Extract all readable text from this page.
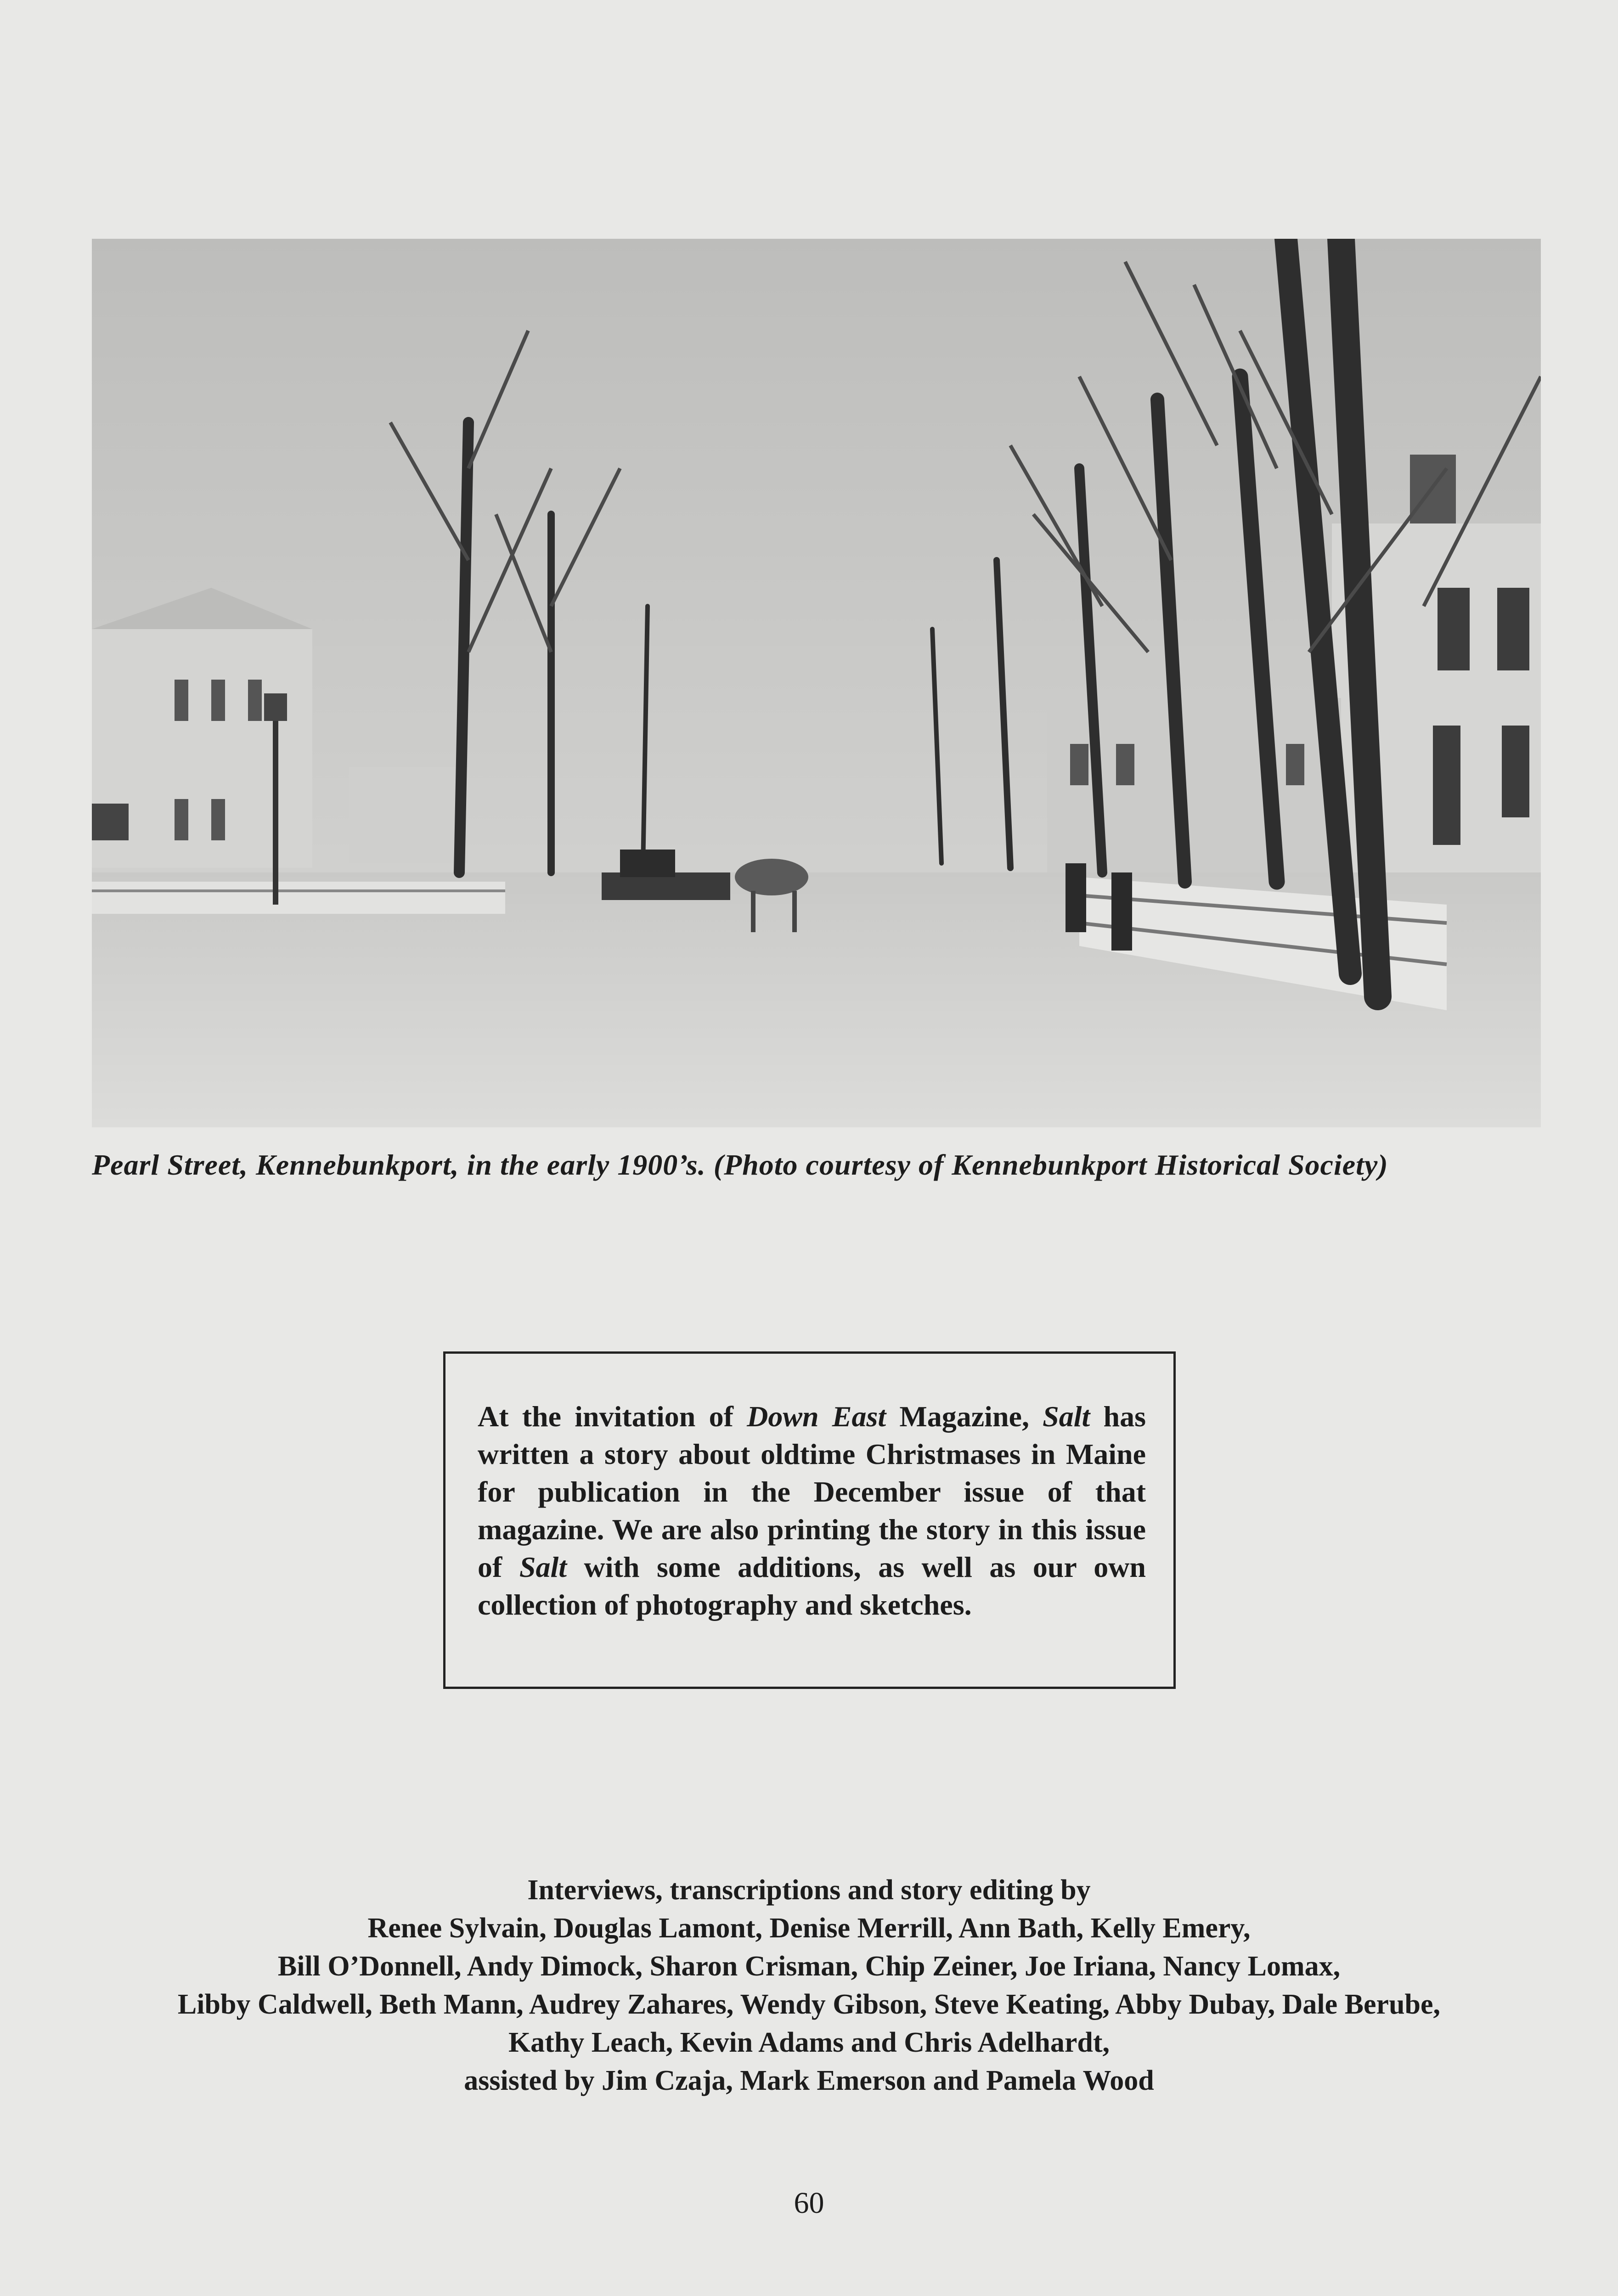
Pearl Street, Kennebunkport, in the early 1900’s. (Photo courtesy of Kennebunkport Historical Society)
At the invitation of Down East Magazine, Salt has written a story about oldtime Christmases in Maine for publication in the December issue of that magazine. We are also printing the story in this issue of Salt with some additions, as well as our own collection of photography and sketches.
Interviews, transcriptions and story editing by
Renee Sylvain, Douglas Lamont, Denise Merrill, Ann Bath, Kelly Emery,
Bill O’Donnell, Andy Dimock, Sharon Crisman, Chip Zeiner, Joe Iriana, Nancy Lomax,
Libby Caldwell, Beth Mann, Audrey Zahares, Wendy Gibson, Steve Keating, Abby Dubay, Dale Berube,
Kathy Leach, Kevin Adams and Chris Adelhardt,
assisted by Jim Czaja, Mark Emerson and Pamela Wood
60
